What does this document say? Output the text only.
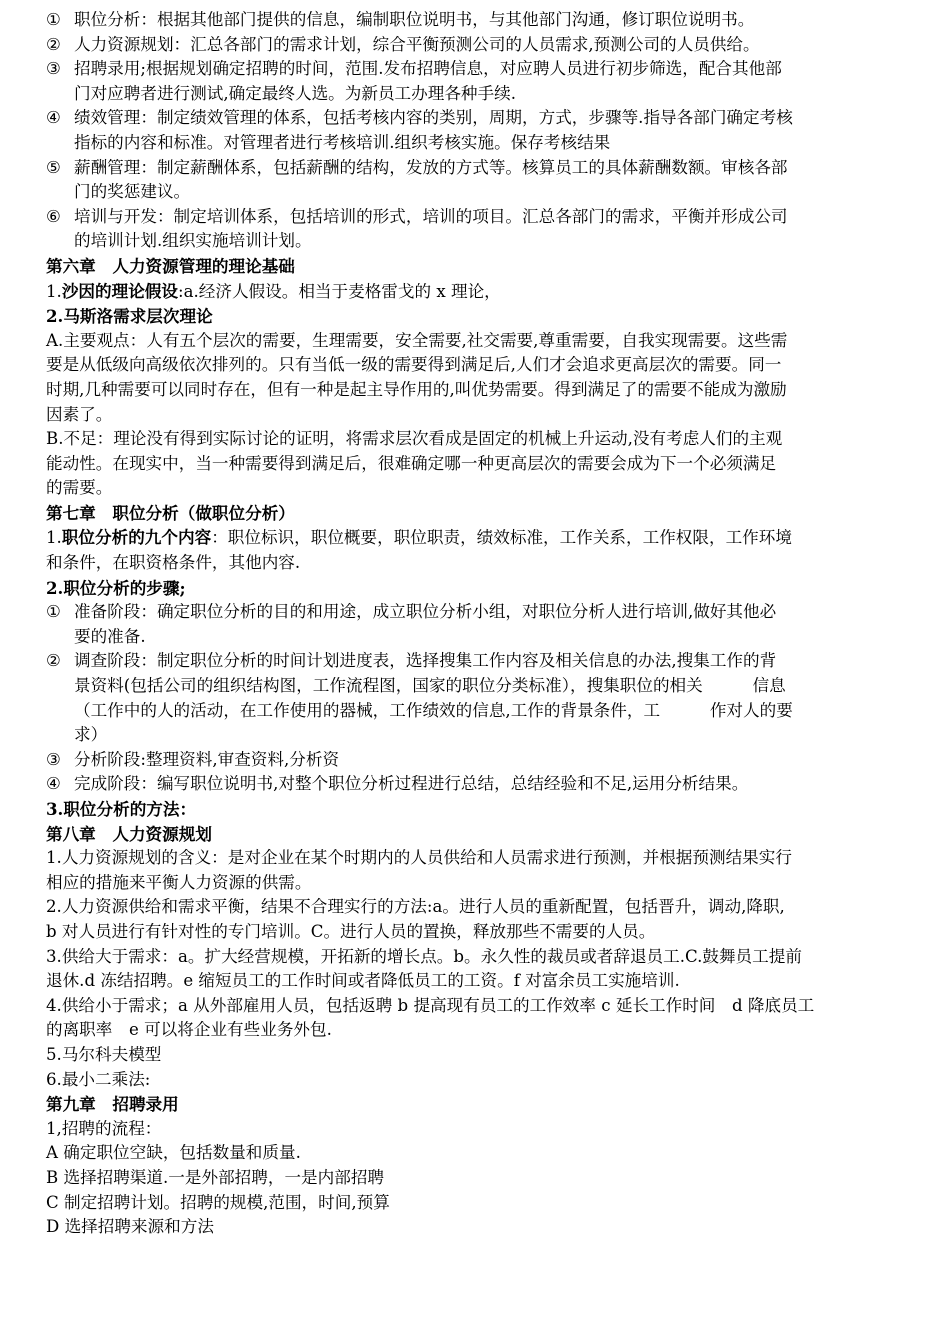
① 职位分析：根据其他部门提供的信息，编制职位说明书，与其他部门沟通，修订职位说明书。
② 人力资源规划：汇总各部门的需求计划，综合平衡预测公司的人员需求,预测公司的人员供给。
③ 招聘录用;根据规划确定招聘的时间，范围.发布招聘信息，对应聘人员进行初步筛选，配合其他部
门对应聘者进行测试,确定最终人选。为新员工办理各种手续.
④ 绩效管理：制定绩效管理的体系，包括考核内容的类别，周期，方式，步骤等.指导各部门确定考核
指标的内容和标准。对管理者进行考核培训.组织考核实施。保存考核结果
⑤ 薪酬管理：制定薪酬体系，包括薪酬的结构，发放的方式等。核算员工的具体薪酬数额。审核各部
门的奖惩建议。
⑥ 培训与开发：制定培训体系，包括培训的形式，培训的项目。汇总各部门的需求，平衡并形成公司
的培训计划.组织实施培训计划。
第六章　人力资源管理的理论基础
1.沙因的理论假设:a.经济人假设。相当于麦格雷戈的 x 理论，
2.马斯洛需求层次理论
A.主要观点：人有五个层次的需要，生理需要，安全需要,社交需要,尊重需要，自我实现需要。这些需
要是从低级向高级依次排列的。只有当低一级的需要得到满足后,人们才会追求更高层次的需要。同一
时期,几种需要可以同时存在，但有一种是起主导作用的,叫优势需要。得到满足了的需要不能成为激励
因素了。
B.不足：理论没有得到实际讨论的证明，将需求层次看成是固定的机械上升运动,没有考虑人们的主观
能动性。在现实中，当一种需要得到满足后，很难确定哪一种更高层次的需要会成为下一个必须满足
的需要。
第七章　职位分析（做职位分析）
1.职位分析的九个内容：职位标识，职位概要，职位职责，绩效标准，工作关系，工作权限，工作环境
和条件，在职资格条件，其他内容.
2.职位分析的步骤;
① 准备阶段：确定职位分析的目的和用途，成立职位分析小组，对职位分析人进行培训,做好其他必
要的准备.
② 调查阶段：制定职位分析的时间计划进度表，选择搜集工作内容及相关信息的办法,搜集工作的背
景资料(包括公司的组织结构图，工作流程图，国家的职位分类标准），搜集职位的相关　　　信息
（工作中的人的活动，在工作使用的器械，工作绩效的信息,工作的背景条件，工　　　作对人的要
求）
③ 分析阶段:整理资料,审查资料,分析资
④ 完成阶段：编写职位说明书,对整个职位分析过程进行总结，总结经验和不足,运用分析结果。
3.职位分析的方法：
第八章　人力资源规划
1.人力资源规划的含义：是对企业在某个时期内的人员供给和人员需求进行预测，并根据预测结果实行
相应的措施来平衡人力资源的供需。
2.人力资源供给和需求平衡，结果不合理实行的方法:a。进行人员的重新配置，包括晋升，调动,降职,
b 对人员进行有针对性的专门培训。C。进行人员的置换，释放那些不需要的人员。
3.供给大于需求：a。扩大经营规模，开拓新的增长点。b。永久性的裁员或者辞退员工.C.鼓舞员工提前
退休.d 冻结招聘。e 缩短员工的工作时间或者降低员工的工资。f 对富余员工实施培训.
4.供给小于需求；a 从外部雇用人员，包括返聘 b 提高现有员工的工作效率 c 延长工作时间　d 降底员工
的离职率　e 可以将企业有些业务外包.
5.马尔科夫模型
6.最小二乘法:
第九章　招聘录用
1,招聘的流程：
A 确定职位空缺，包括数量和质量.
B 选择招聘渠道.一是外部招聘，一是内部招聘
C 制定招聘计划。招聘的规模,范围，时间,预算
D 选择招聘来源和方法
